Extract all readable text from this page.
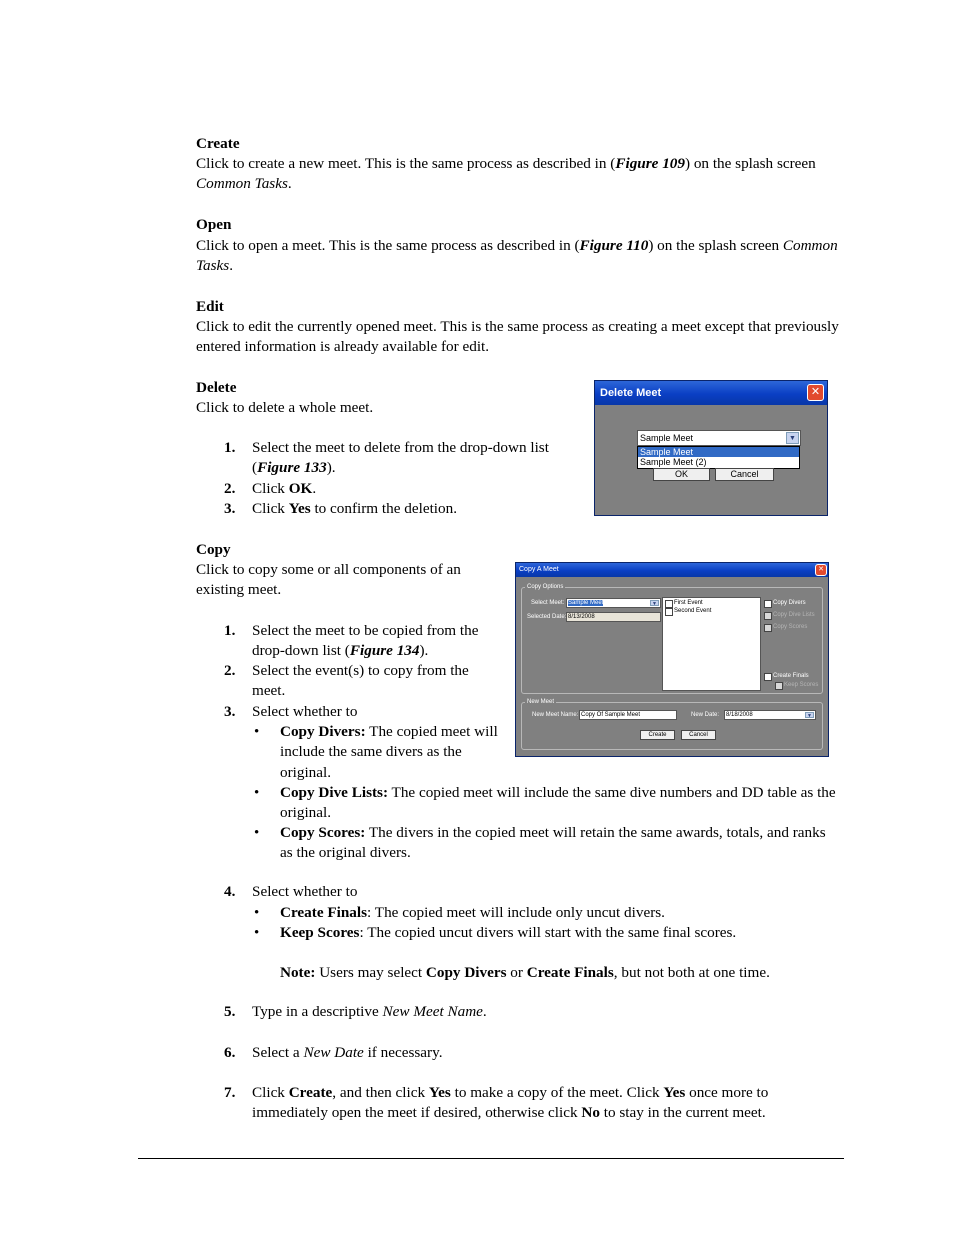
Create
Click to create a new meet. This is the same process as described in (Figure 109) on the splash screen Common Tasks.
Open
Click to open a meet. This is the same process as described in (Figure 110) on the splash screen Common Tasks.
Edit
Click to edit the currently opened meet. This is the same process as creating a meet except that previously entered information is already available for edit.
Delete
Click to delete a whole meet.
1.	Select the meet to delete from the drop-down list (Figure 133).
2.	Click OK.
3.	Click Yes to confirm the deletion.
Delete Meet	✕
Sample Meet	▼
Sample Meet
Sample Meet (2)
OK	Cancel
Copy
Click to copy some or all components of an existing meet.
1.	Select the meet to be copied from the drop-down list (Figure 134).
2.	Select the event(s) to copy from the meet.
3.	Select whether to
•	Copy Divers: The copied meet will include the same divers as the original.
•	Copy Dive Lists: The copied meet will include the same dive numbers and DD table as the original.
•	Copy Scores: The divers in the copied meet will retain the same awards, totals, and ranks as the original divers.
4.	Select whether to
•	Create Finals: The copied meet will include only uncut divers.
•	Keep Scores: The copied uncut divers will start with the same final scores.
Note: Users may select Copy Divers or Create Finals, but not both at one time.
5.	Type in a descriptive New Meet Name.
6.	Select a New Date if necessary.
7.	Click Create, and then click Yes to make a copy of the meet. Click Yes once more to immediately open the meet if desired, otherwise click No to stay in the current meet.
Copy A Meet	✕
Copy Options
Select Meet: Sample Meet	▼
Selected Date: 8/13/2008
First Event
Second Event
Copy Divers
Copy Dive Lists
Copy Scores
Create Finals
Keep Scores
New Meet
New Meet Name: Copy Of Sample Meet	New Date:	8/18/2008	▼
Create	Cancel
